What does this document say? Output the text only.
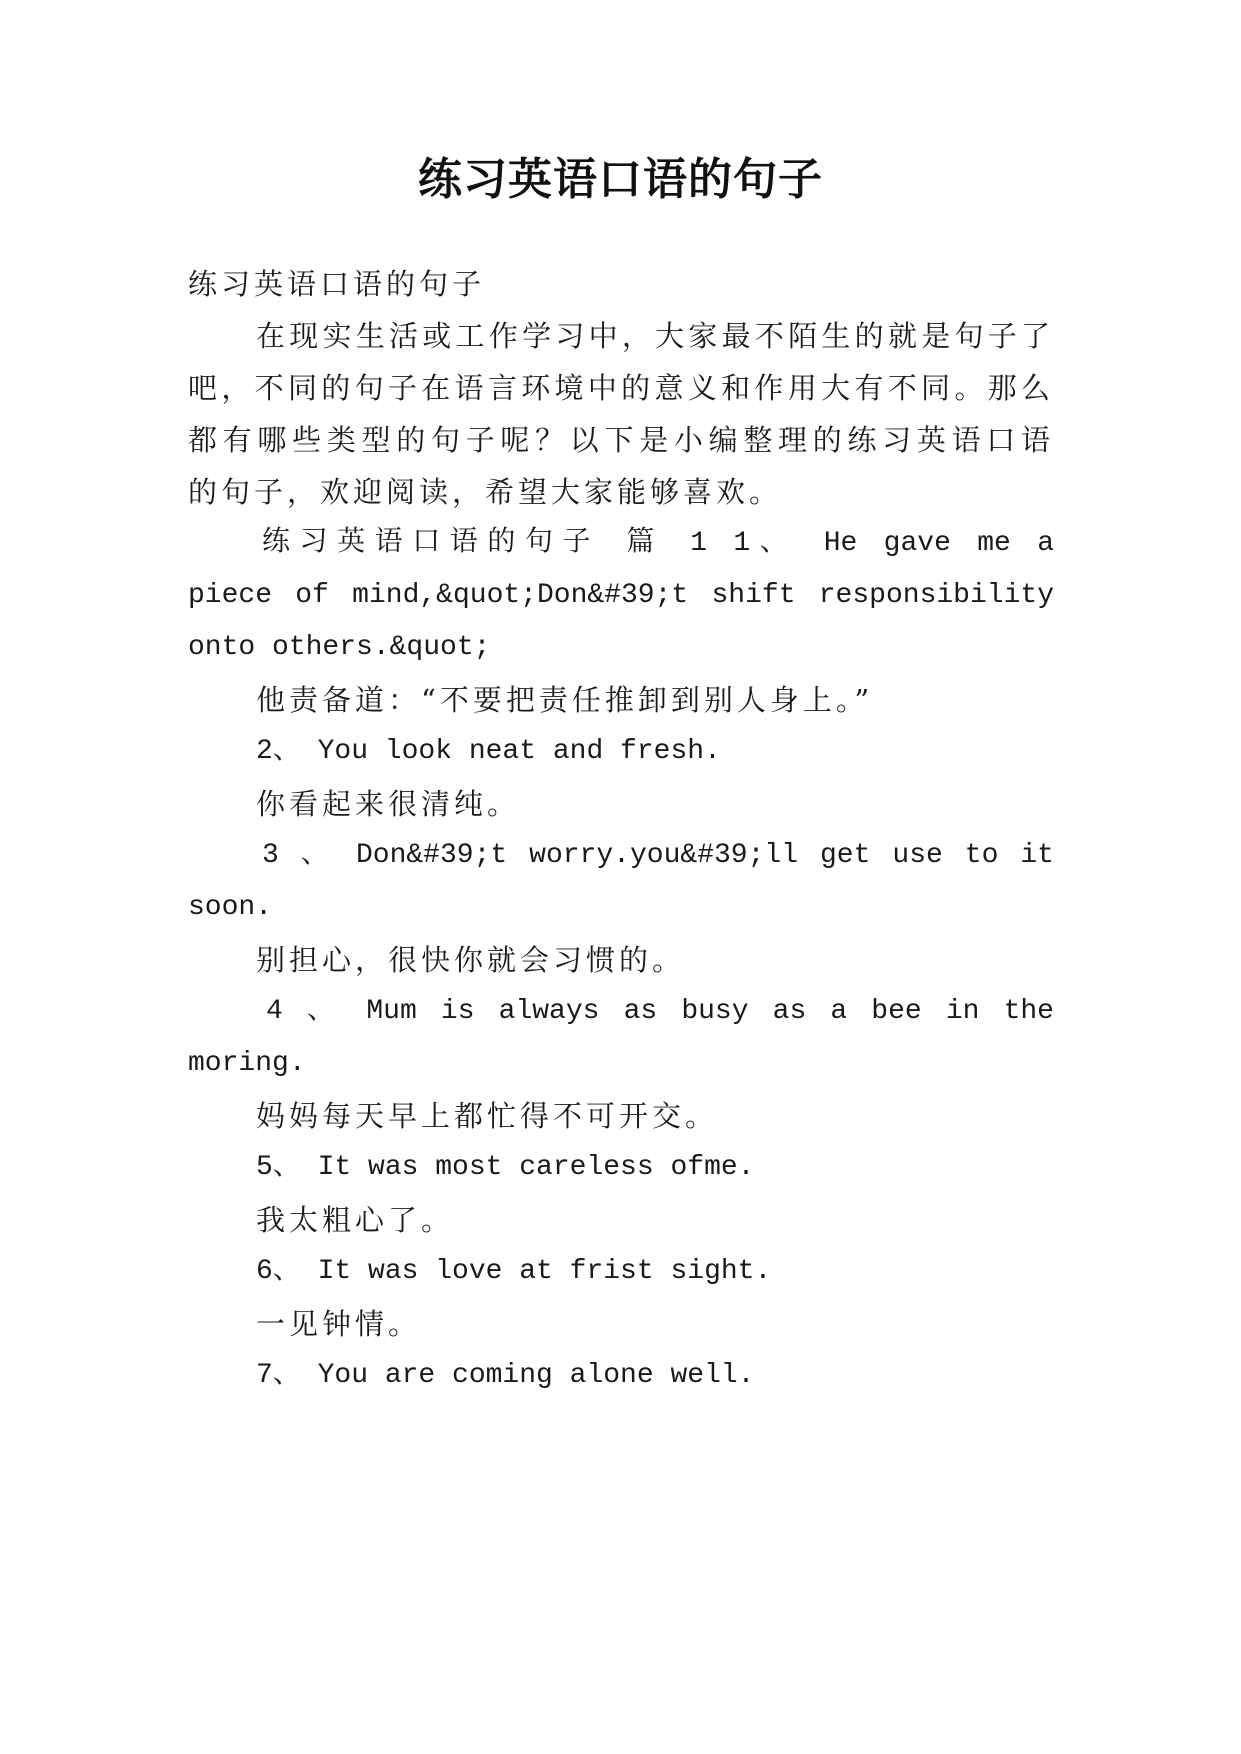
练习英语口语的句子
练习英语口语的句子
在现实生活或工作学习中，大家最不陌生的就是句子了
吧，不同的句子在语言环境中的意义和作用大有不同。那么
都有哪些类型的句子呢？以下是小编整理的练习英语口语
的句子，欢迎阅读，希望大家能够喜欢。
练习英语口语的句子 篇 1 1、 He gave me a
piece of mind,&quot;Don&#39;t shift responsibility
onto others.&quot;
他责备道：“不要把责任推卸到别人身上。”
2、 You look neat and fresh.
你看起来很清纯。
3 、 Don&#39;t worry.you&#39;ll get use to it
soon.
别担心，很快你就会习惯的。
4 、 Mum is always as busy as a bee in the
moring.
妈妈每天早上都忙得不可开交。
5、 It was most careless ofme.
我太粗心了。
6、 It was love at frist sight.
一见钟情。
7、 You are coming alone well.
